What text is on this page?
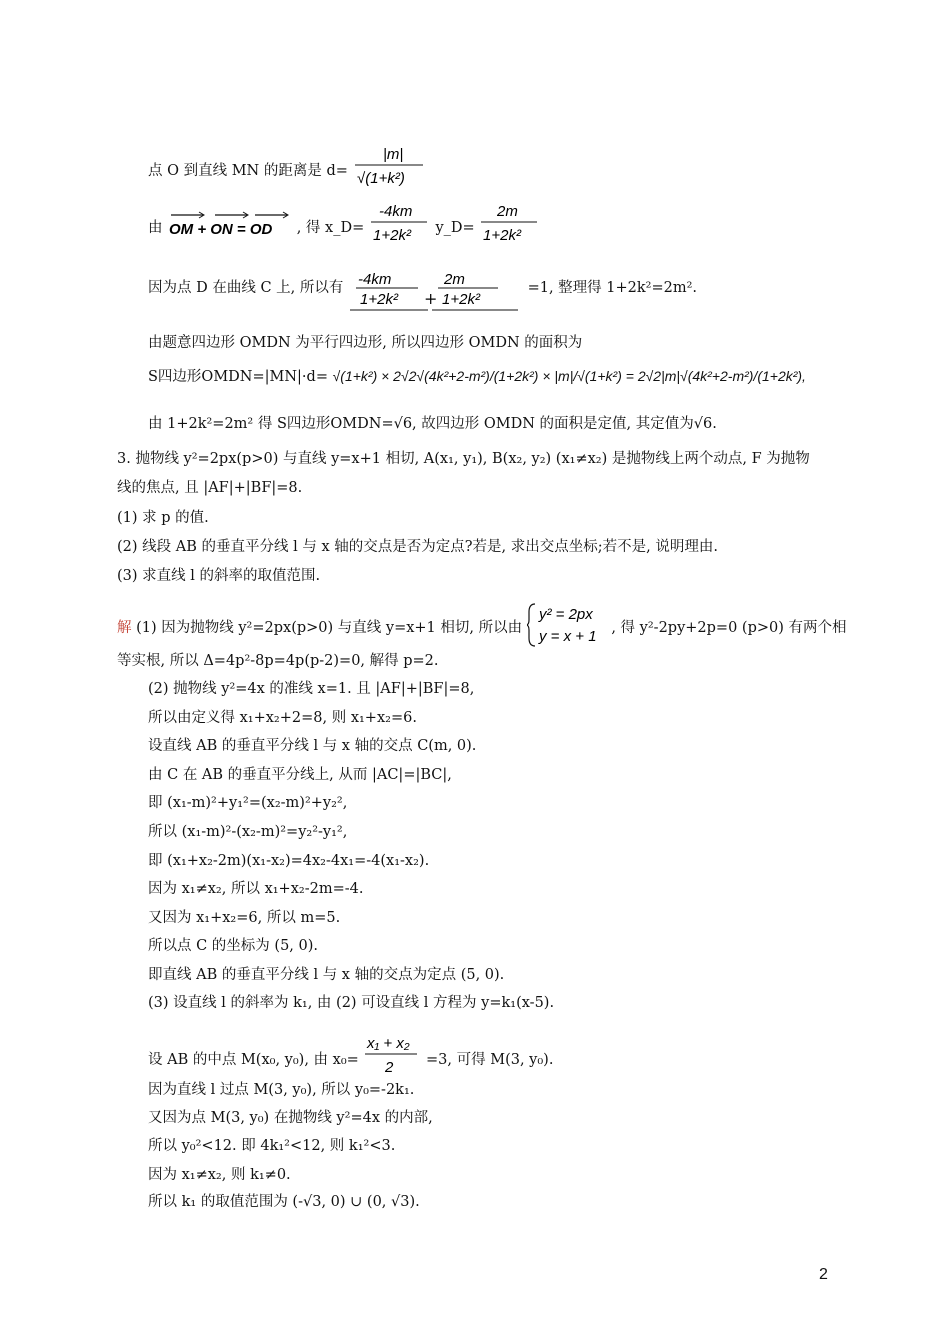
点 O 到直线 MN 的距离是 d=
|m|
√(1+k²)
由 OM + ON = OD , 得 x_D=
-4km
1+2k² y_D=
2m
1+2k²
因为点 D 在曲线 C 上, 所以有 -4km
1+2k²
2m
1+2k²
+
=1, 整理得 1+2k²=2m².
由题意四边形 OMDN 为平行四边形, 所以四边形 OMDN 的面积为
S四边形OMDN=|MN|·d= √(1+k²) × 2√2√(4k²+2-m²)/(1+2k²) × |m|/√(1+k²) = 2√2|m|√(4k²+2-m²)/(1+2k²),
由 1+2k²=2m² 得 S四边形OMDN=√6, 故四边形 OMDN 的面积是定值, 其定值为√6.
3. 抛物线 y²=2px(p>0) 与直线 y=x+1 相切, A(x₁, y₁), B(x₂, y₂) (x₁≠x₂) 是抛物线上两个动点, F 为抛物
线的焦点, 且 |AF|+|BF|=8.
(1) 求 p 的值.
(2) 线段 AB 的垂直平分线 l 与 x 轴的交点是否为定点?若是, 求出交点坐标;若不是, 说明理由.
(3) 求直线 l 的斜率的取值范围.
解 (1) 因为抛物线 y²=2px(p>0) 与直线 y=x+1 相切, 所以由
y² = 2px
y = x + 1 , 得 y²-2py+2p=0 (p>0) 有两个相
等实根, 所以 Δ=4p²-8p=4p(p-2)=0, 解得 p=2.
(2) 抛物线 y²=4x 的准线 x=1. 且 |AF|+|BF|=8,
所以由定义得 x₁+x₂+2=8, 则 x₁+x₂=6.
设直线 AB 的垂直平分线 l 与 x 轴的交点 C(m, 0).
由 C 在 AB 的垂直平分线上, 从而 |AC|=|BC|,
即 (x₁-m)²+y₁²=(x₂-m)²+y₂²,
所以 (x₁-m)²-(x₂-m)²=y₂²-y₁²,
即 (x₁+x₂-2m)(x₁-x₂)=4x₂-4x₁=-4(x₁-x₂).
因为 x₁≠x₂, 所以 x₁+x₂-2m=-4.
又因为 x₁+x₂=6, 所以 m=5.
所以点 C 的坐标为 (5, 0).
即直线 AB 的垂直平分线 l 与 x 轴的交点为定点 (5, 0).
(3) 设直线 l 的斜率为 k₁, 由 (2) 可设直线 l 方程为 y=k₁(x-5).
设 AB 的中点 M(x₀, y₀), 由 x₀=
x₁ + x₂
2 =3, 可得 M(3, y₀).
因为直线 l 过点 M(3, y₀), 所以 y₀=-2k₁.
又因为点 M(3, y₀) 在抛物线 y²=4x 的内部,
所以 y₀²<12. 即 4k₁²<12, 则 k₁²<3.
因为 x₁≠x₂, 则 k₁≠0.
所以 k₁ 的取值范围为 (-√3, 0) ∪ (0, √3).
2
